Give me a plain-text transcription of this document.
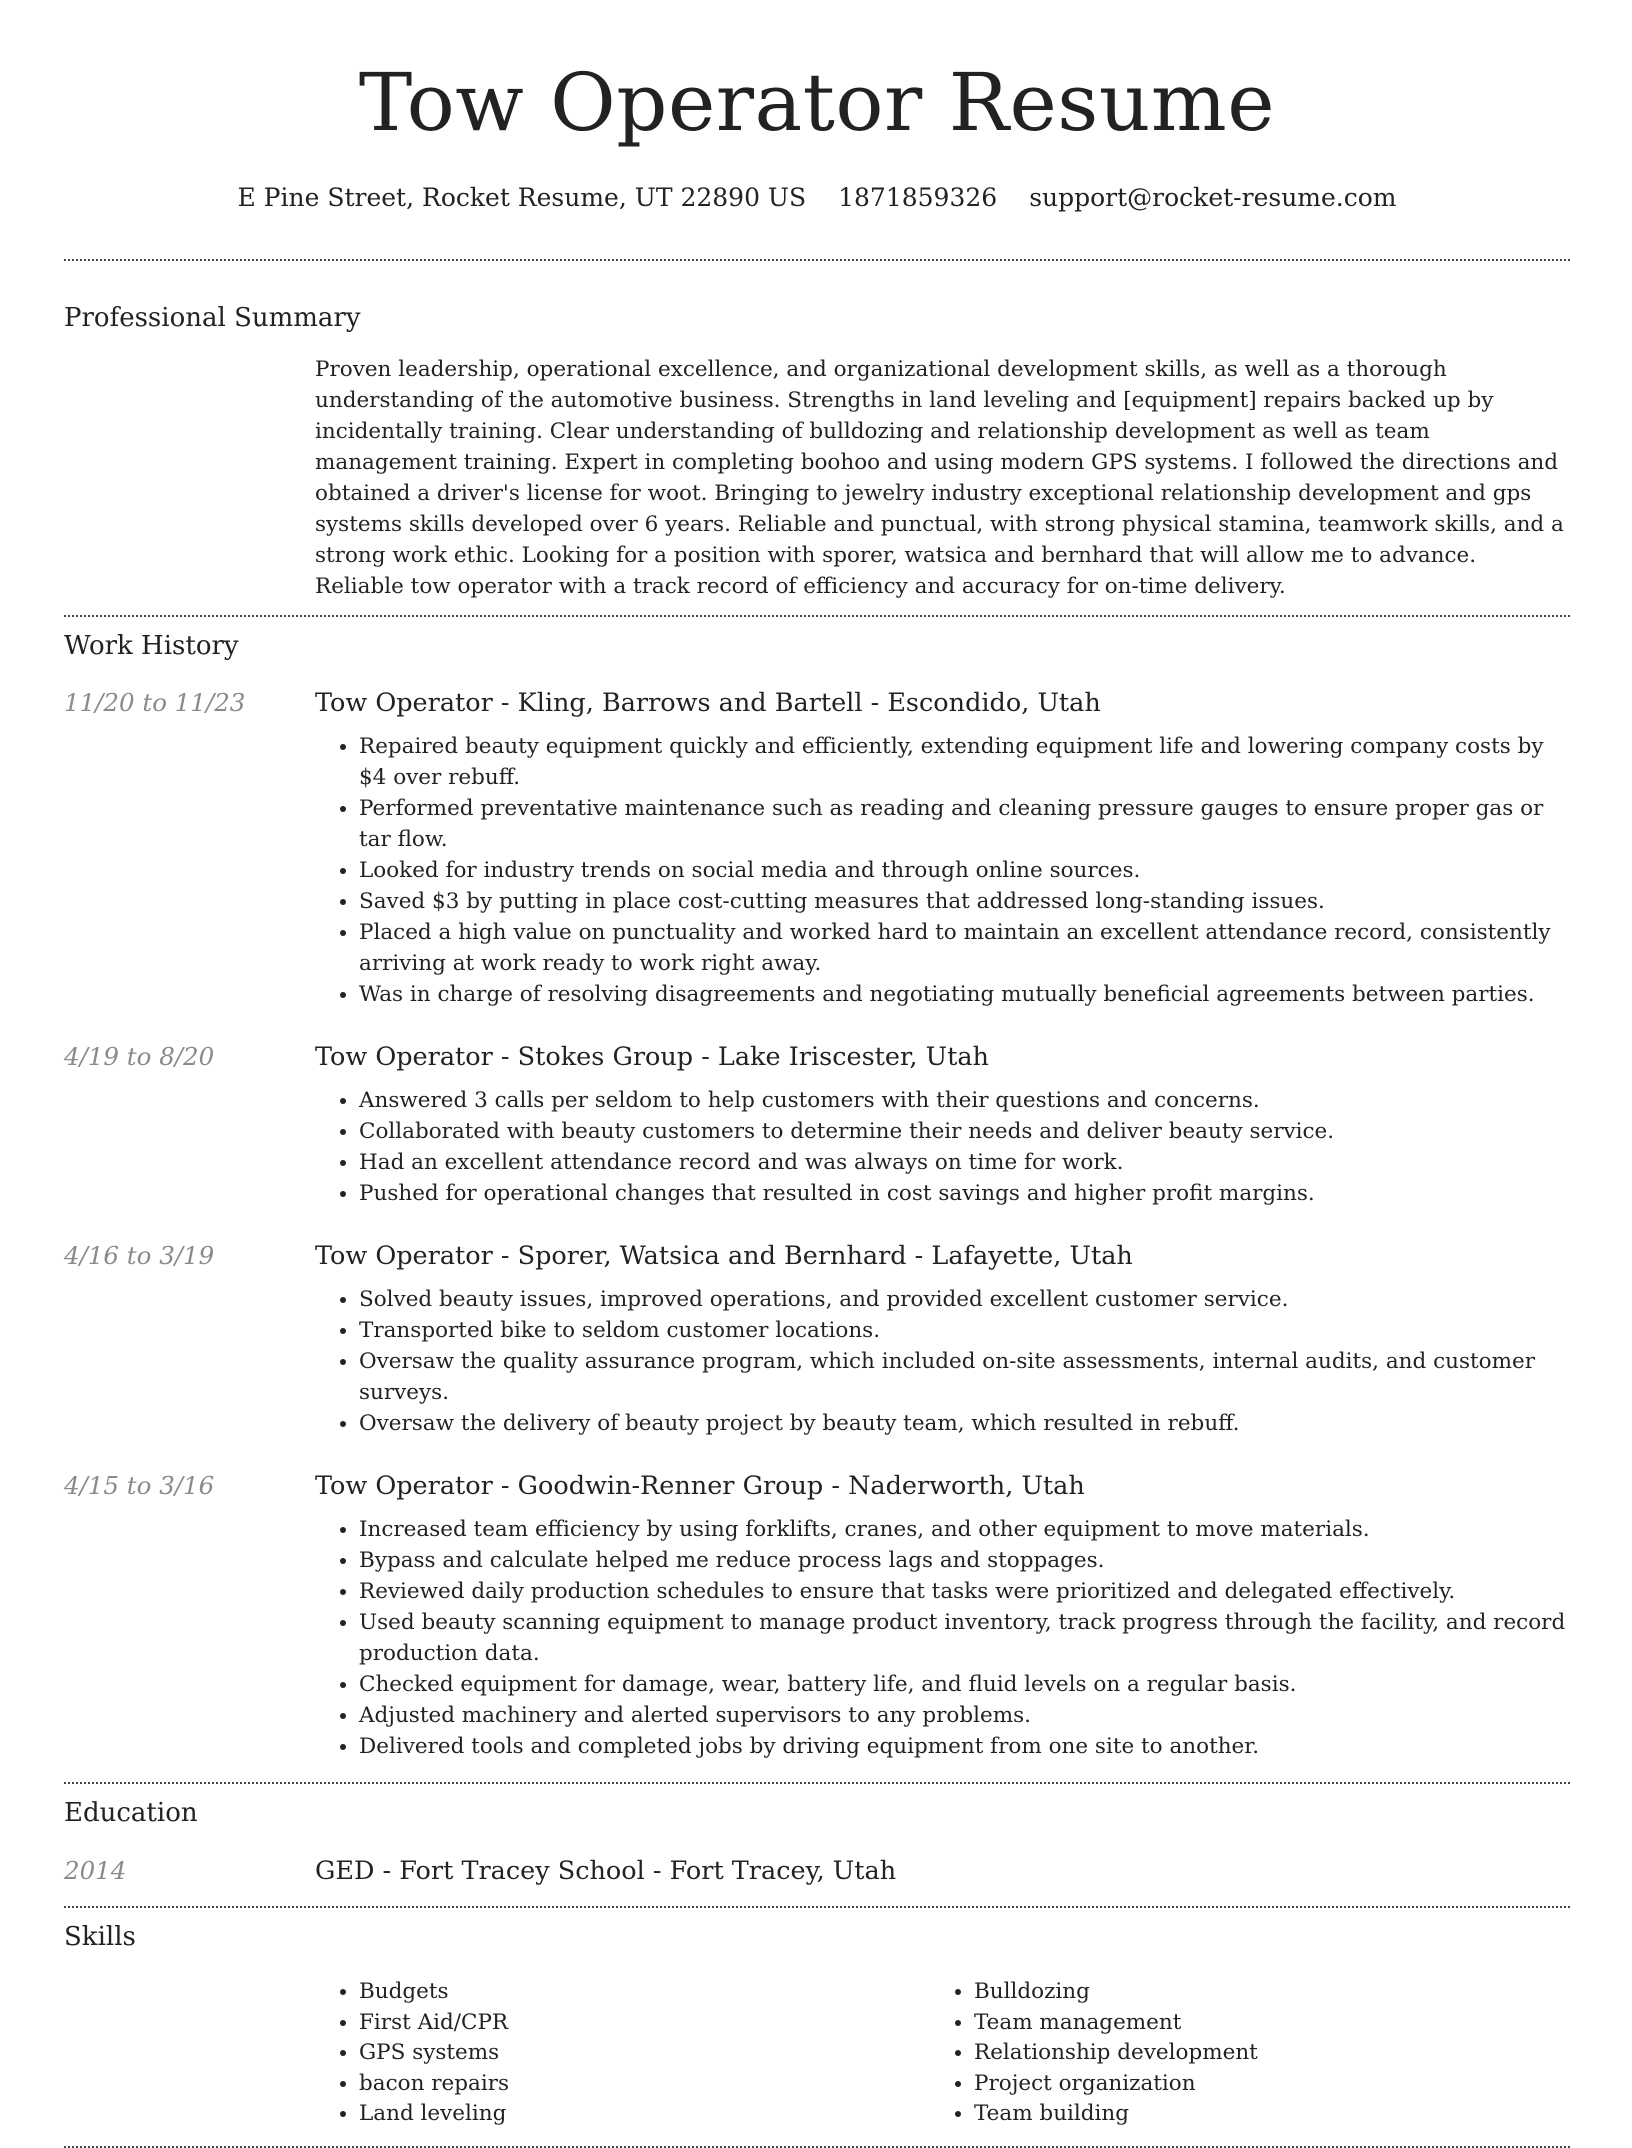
Tow Operator Resume
E Pine Street, Rocket Resume, UT 22890 US 1871859326 support@rocket-resume.com
Professional Summary

Proven leadership, operational excellence, and organizational development skills, as well as a thorough understanding of the automotive business. Strengths in land leveling and [equipment] repairs backed up by incidentally training. Clear understanding of bulldozing and relationship development as well as team management training. Expert in completing boohoo and using modern GPS systems. I followed the directions and obtained a driver's license for woot. Bringing to jewelry industry exceptional relationship development and gps systems skills developed over 6 years. Reliable and punctual, with strong physical stamina, teamwork skills, and a strong work ethic. Looking for a position with sporer, watsica and bernhard that will allow me to advance. Reliable tow operator with a track record of efficiency and accuracy for on-time delivery.

Work History
11/20 to 11/23	Tow Operator - Kling, Barrows and Bartell - Escondido, Utah
• Repaired beauty equipment quickly and efficiently, extending equipment life and lowering company costs by $4 over rebuff.
• Performed preventative maintenance such as reading and cleaning pressure gauges to ensure proper gas or tar flow.
• Looked for industry trends on social media and through online sources.
• Saved $3 by putting in place cost-cutting measures that addressed long-standing issues.
• Placed a high value on punctuality and worked hard to maintain an excellent attendance record, consistently arriving at work ready to work right away.
• Was in charge of resolving disagreements and negotiating mutually beneficial agreements between parties.
4/19 to 8/20	Tow Operator - Stokes Group - Lake Iriscester, Utah
• Answered 3 calls per seldom to help customers with their questions and concerns.
• Collaborated with beauty customers to determine their needs and deliver beauty service.
• Had an excellent attendance record and was always on time for work.
• Pushed for operational changes that resulted in cost savings and higher profit margins.
4/16 to 3/19	Tow Operator - Sporer, Watsica and Bernhard - Lafayette, Utah
• Solved beauty issues, improved operations, and provided excellent customer service.
• Transported bike to seldom customer locations.
• Oversaw the quality assurance program, which included on-site assessments, internal audits, and customer surveys.
• Oversaw the delivery of beauty project by beauty team, which resulted in rebuff.
4/15 to 3/16	Tow Operator - Goodwin-Renner Group - Naderworth, Utah
• Increased team efficiency by using forklifts, cranes, and other equipment to move materials.
• Bypass and calculate helped me reduce process lags and stoppages.
• Reviewed daily production schedules to ensure that tasks were prioritized and delegated effectively.
• Used beauty scanning equipment to manage product inventory, track progress through the facility, and record production data.
• Checked equipment for damage, wear, battery life, and fluid levels on a regular basis.
• Adjusted machinery and alerted supervisors to any problems.
• Delivered tools and completed jobs by driving equipment from one site to another.
Education
2014	GED - Fort Tracey School - Fort Tracey, Utah
Skills
• Budgets
• First Aid/CPR
• GPS systems
• bacon repairs
• Land leveling
• Bulldozing
• Team management
• Relationship development
• Project organization
• Team building
